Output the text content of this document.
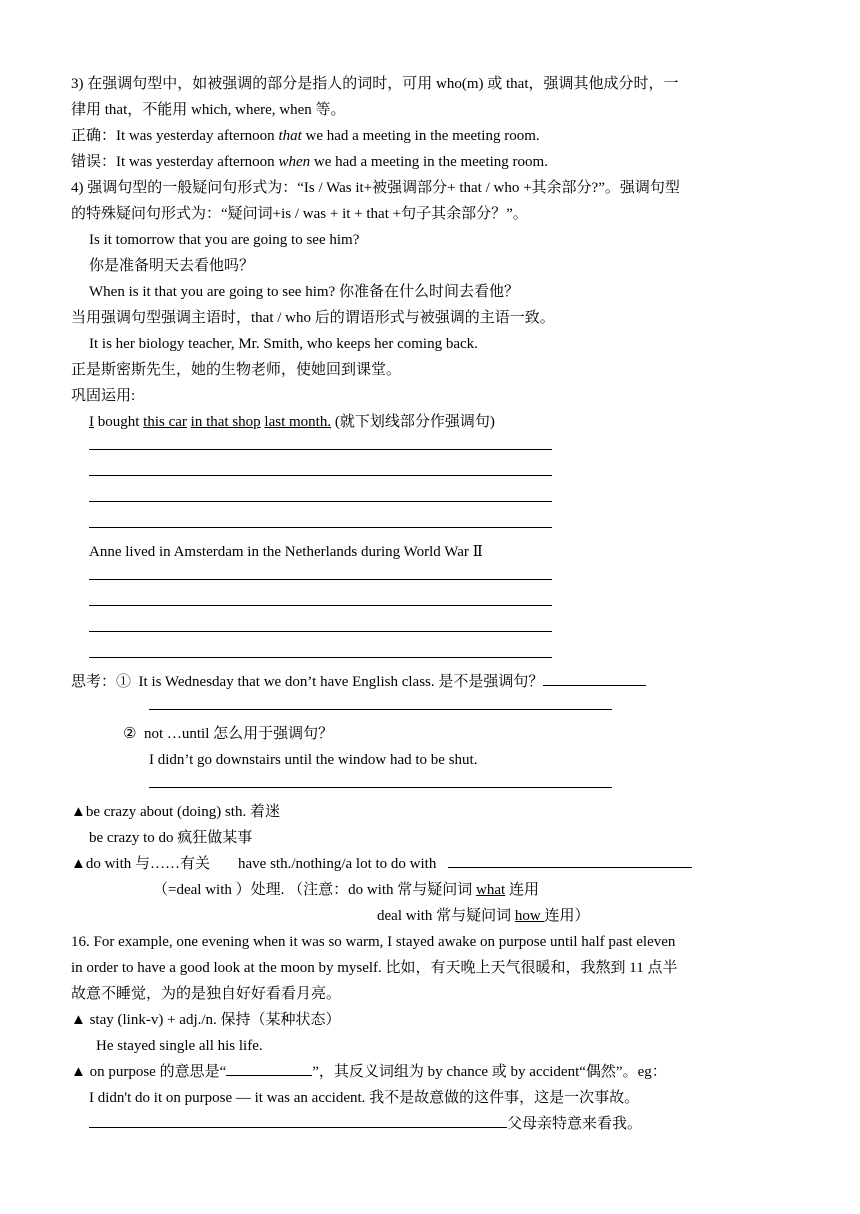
3) 在强调句型中，如被强调的部分是指人的词时，可用 who(m) 或 that，强调其他成分时，一
律用 that，不能用 which, where, when 等。
正确：It was yesterday afternoon that we had a meeting in the meeting room.
错误：It was yesterday afternoon when we had a meeting in the meeting room.
4) 强调句型的一般疑问句形式为：“Is / Was it+被强调部分+ that / who +其余部分?”。强调句型
的特殊疑问句形式为：“疑问词+is / was + it + that +句子其余部分？”。
Is it tomorrow that you are going to see him?
你是准备明天去看他吗？
When is it that you are going to see him? 你准备在什么时间去看他？
当用强调句型强调主语时，that / who 后的谓语形式与被强调的主语一致。
It is her biology teacher, Mr. Smith, who keeps her coming back.
正是斯密斯先生，她的生物老师，使她回到课堂。
巩固运用:
I bought this car in that shop last month. (就下划线部分作强调句)
Anne lived in Amsterdam in the Netherlands during World War Ⅱ
思考：① It is Wednesday that we don’t have English class. 是不是强调句？
② not …until 怎么用于强调句？
I didn’t go downstairs until the window had to be shut.
▲be crazy about (doing) sth. 着迷
be crazy to do 疯狂做某事
▲do with 与……有关 have sth./nothing/a lot to do with
（=deal with ）处理. （注意：do with 常与疑问词 what 连用
deal with 常与疑问词 how 连用）
16. For example, one evening when it was so warm, I stayed awake on purpose until half past eleven
in order to have a good look at the moon by myself. 比如，有天晚上天气很暖和，我熬到 11 点半
故意不睡觉，为的是独自好好看看月亮。
▲ stay (link-v) + adj./n. 保持（某种状态）
He stayed single all his life.
▲ on purpose 的意思是“	”，其反义词组为 by chance 或 by accident“偶然”。eg：
I didn't do it on purpose — it was an accident. 我不是故意做的这件事，这是一次事故。
父母亲特意来看我。
